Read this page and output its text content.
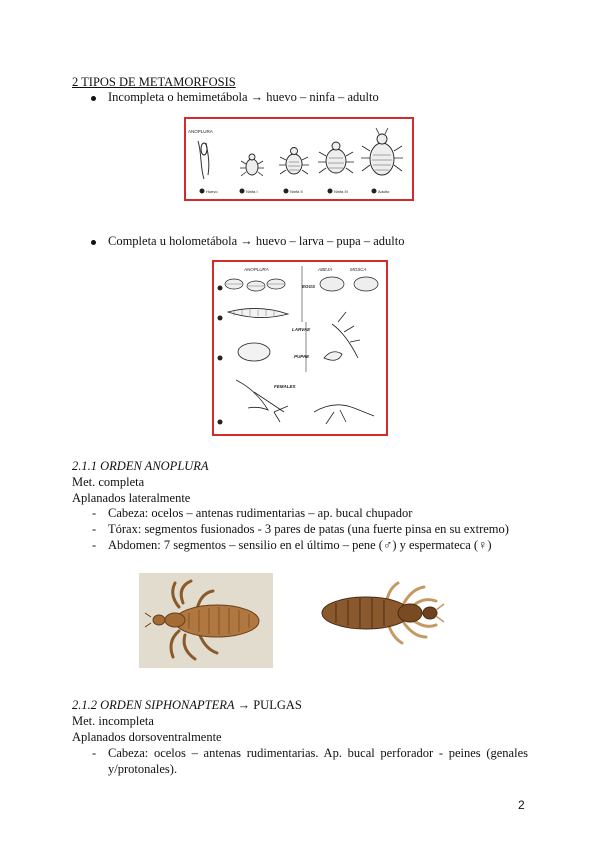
2 TIPOS DE METAMORFOSIS
Incompleta o hemimetábola → huevo – ninfa – adulto
ANOPLURA
Huevo	Ninfa I	Ninfa II	Ninfa III	Adulto
Completa u holometábola → huevo – larva – pupa – adulto
ANOPLURA	ABEJA	MOSCA
EGGS
LARVAE
PUPAE
FEMALES
2.1.1 ORDEN ANOPLURA
Met. completa
Aplanados lateralmente
- Cabeza: ocelos – antenas rudimentarias – ap. bucal chupador
- Tórax: segmentos fusionados - 3 pares de patas (una fuerte pinsa en su extremo)
- Abdomen: 7 segmentos – sensilio en el último – pene (♂) y espermateca (♀)
2.1.2 ORDEN SIPHONAPTERA → PULGAS
Met. incompleta
Aplanados dorsoventralmente
- Cabeza: ocelos – antenas rudimentarias. Ap. bucal perforador - peines (genales y/protonales).
2
